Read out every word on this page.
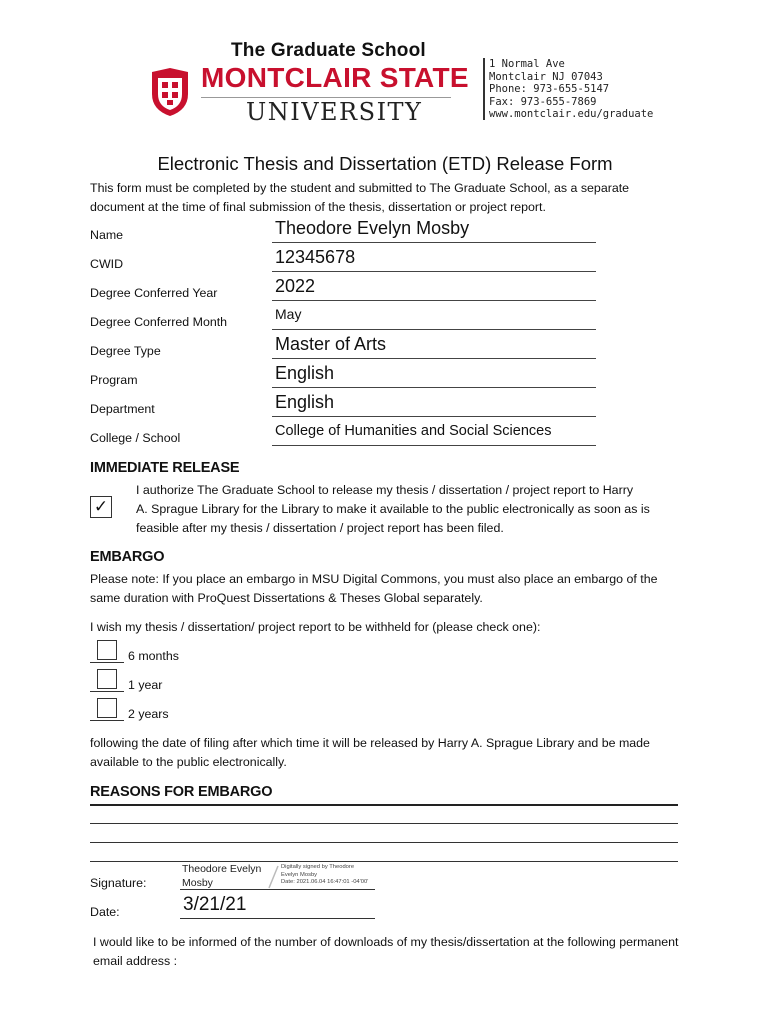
The Graduate School
MONTCLAIR STATE
UNIVERSITY
1 Normal Ave
Montclair NJ 07043
Phone: 973-655-5147
Fax: 973-655-7869
www.montclair.edu/graduate
Electronic Thesis and Dissertation (ETD) Release Form
This form must be completed by the student and submitted to The Graduate School, as a separate
document at the time of final submission of the thesis, dissertation or project report.
Name	Theodore Evelyn Mosby
CWID	12345678
Degree Conferred Year	2022
Degree Conferred Month	May
Degree Type	Master of Arts
Program	English
Department	English
College / School	College of Humanities and Social Sciences
IMMEDIATE RELEASE
✓
I authorize The Graduate School to release my thesis / dissertation / project report to Harry
A. Sprague Library for the Library to make it available to the public electronically as soon as is
feasible after my thesis / dissertation / project report has been filed.
EMBARGO
Please note: If you place an embargo in MSU Digital Commons, you must also place an embargo of the
same duration with ProQuest Dissertations & Theses Global separately.
I wish my thesis / dissertation/ project report to be withheld for (please check one):
6 months
1 year
2 years
following the date of filing after which time it will be released by Harry A. Sprague Library and be made
available to the public electronically.
REASONS FOR EMBARGO
Signature:
Theodore Evelyn
Mosby
Digitally signed by Theodore
Evelyn Mosby
Date: 2021.06.04 16:47:01 -04'00'
Date:	3/21/21
I would like to be informed of the number of downloads of my thesis/dissertation at the following permanent
email address :
